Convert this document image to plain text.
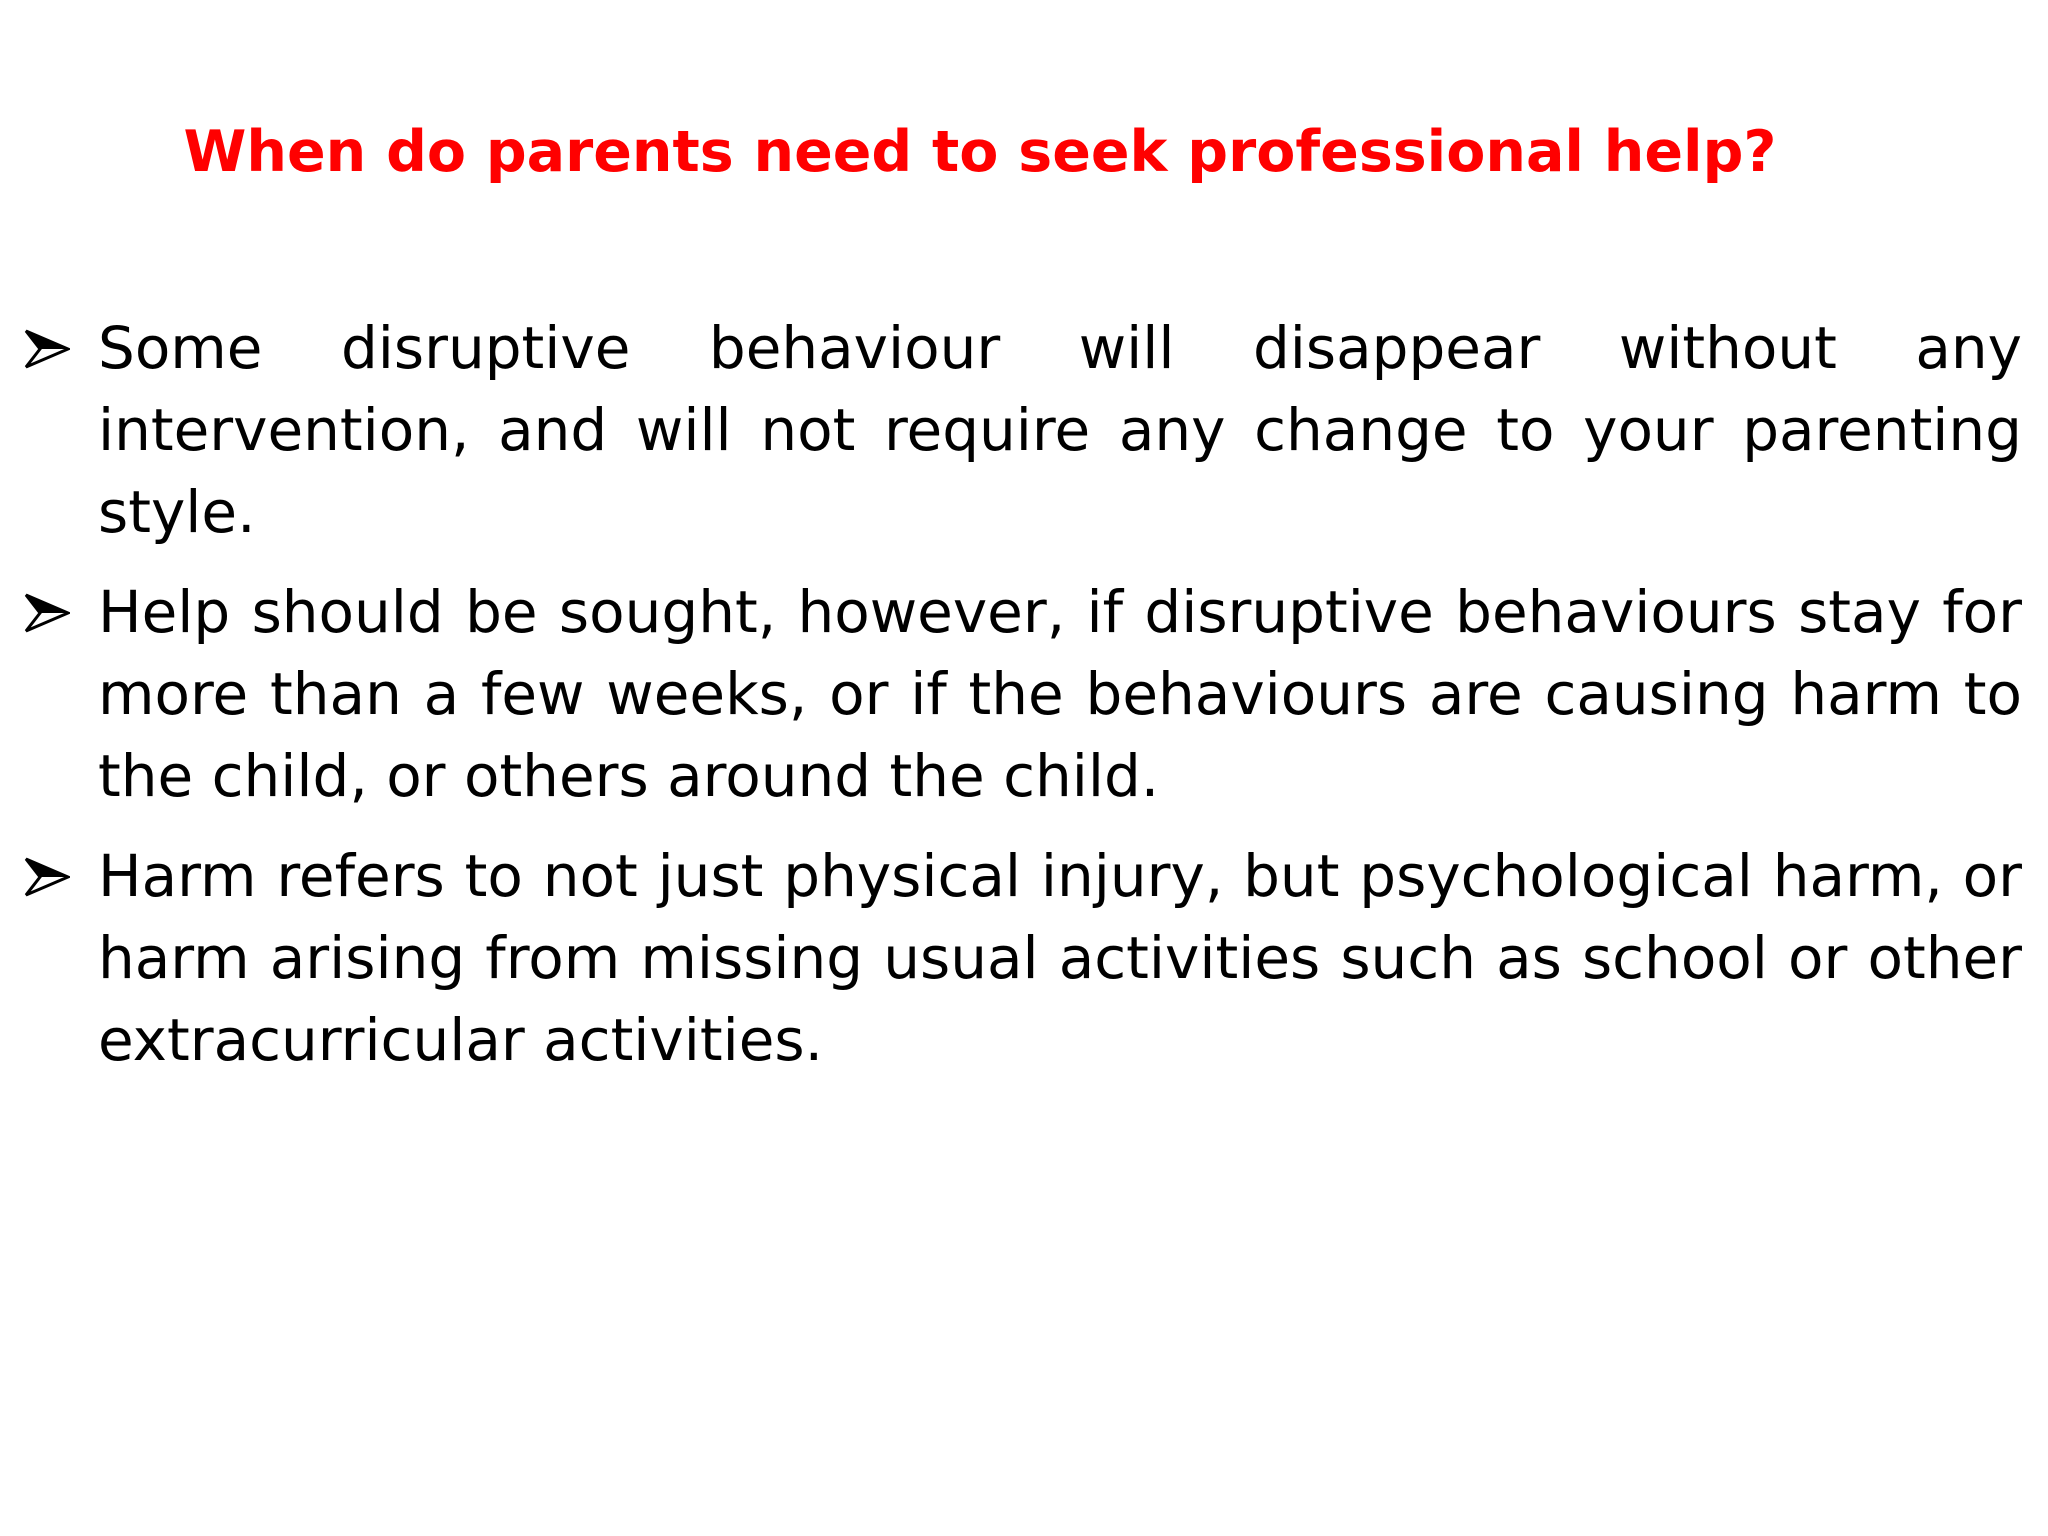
When do parents need to seek professional help?
Some disruptive behaviour will disappear without any intervention, and will not require any change to your parenting style.
Help should be sought, however, if disruptive behaviours stay for more than a few weeks, or if the behaviours are causing harm to the child, or others around the child.
Harm refers to not just physical injury, but psychological harm, or harm arising from missing usual activities such as school or other extracurricular activities.
